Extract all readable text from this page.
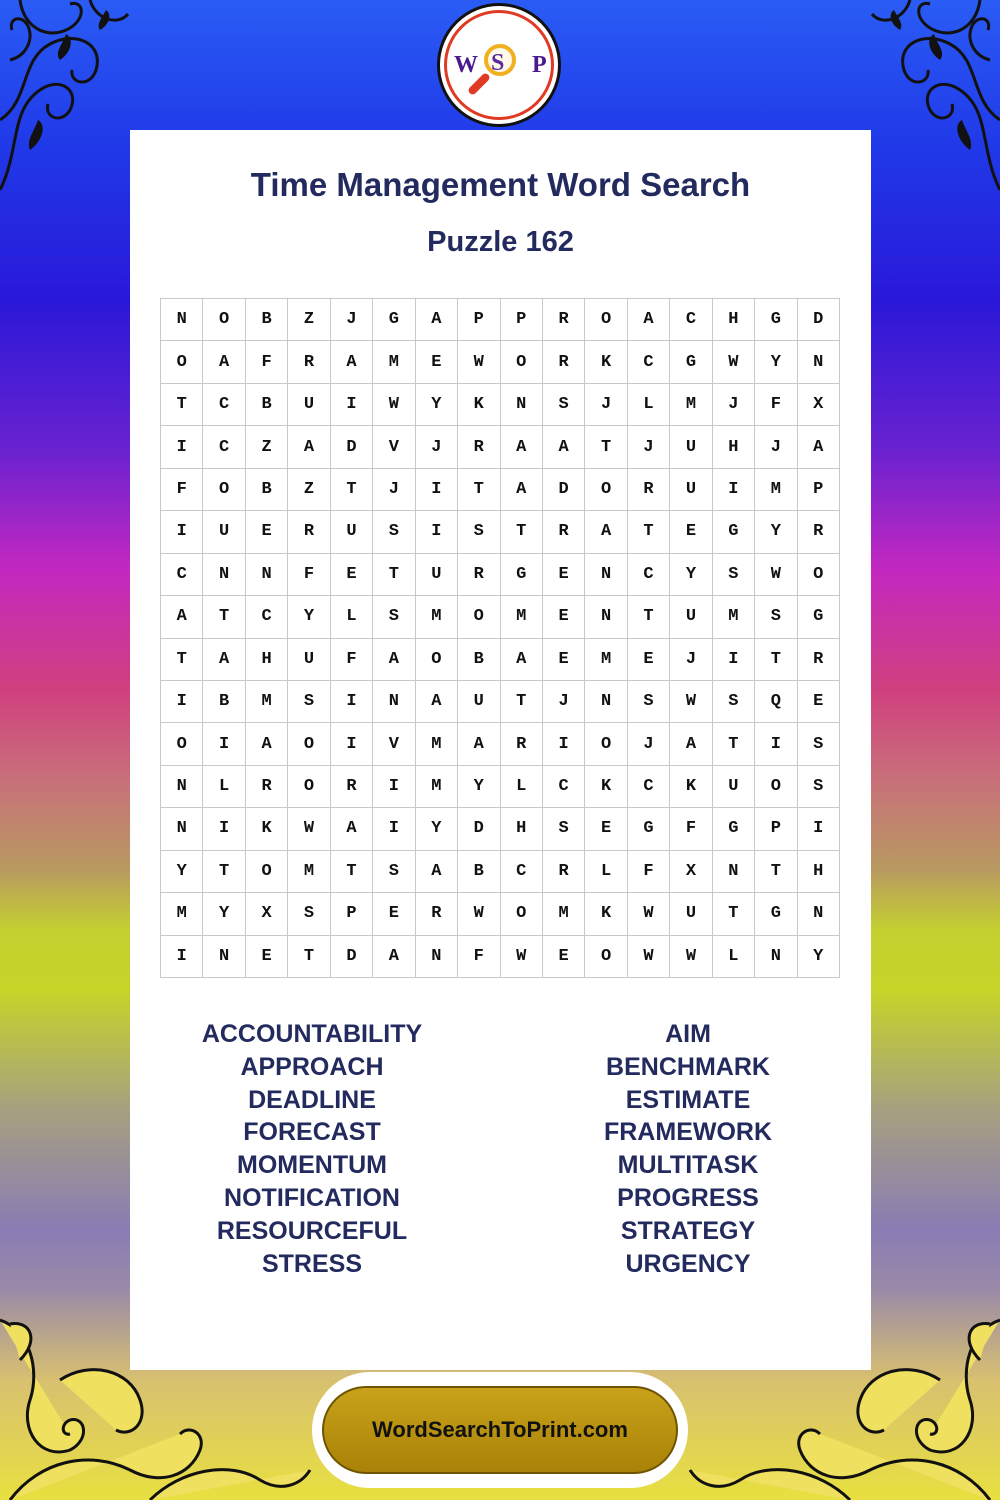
W S P
Time Management Word Search
Puzzle 162
N	O	B	Z	J	G	A	P	P	R	O	A	C	H	G	D
O	A	F	R	A	M	E	W	O	R	K	C	G	W	Y	N
T	C	B	U	I	W	Y	K	N	S	J	L	M	J	F	X
I	C	Z	A	D	V	J	R	A	A	T	J	U	H	J	A
F	O	B	Z	T	J	I	T	A	D	O	R	U	I	M	P
I	U	E	R	U	S	I	S	T	R	A	T	E	G	Y	R
C	N	N	F	E	T	U	R	G	E	N	C	Y	S	W	O
A	T	C	Y	L	S	M	O	M	E	N	T	U	M	S	G
T	A	H	U	F	A	O	B	A	E	M	E	J	I	T	R
I	B	M	S	I	N	A	U	T	J	N	S	W	S	Q	E
O	I	A	O	I	V	M	A	R	I	O	J	A	T	I	S
N	L	R	O	R	I	M	Y	L	C	K	C	K	U	O	S
N	I	K	W	A	I	Y	D	H	S	E	G	F	G	P	I
Y	T	O	M	T	S	A	B	C	R	L	F	X	N	T	H
M	Y	X	S	P	E	R	W	O	M	K	W	U	T	G	N
I	N	E	T	D	A	N	F	W	E	O	W	W	L	N	Y
ACCOUNTABILITY
APPROACH
DEADLINE
FORECAST
MOMENTUM
NOTIFICATION
RESOURCEFUL
STRESS
AIM
BENCHMARK
ESTIMATE
FRAMEWORK
MULTITASK
PROGRESS
STRATEGY
URGENCY
WordSearchToPrint.com
